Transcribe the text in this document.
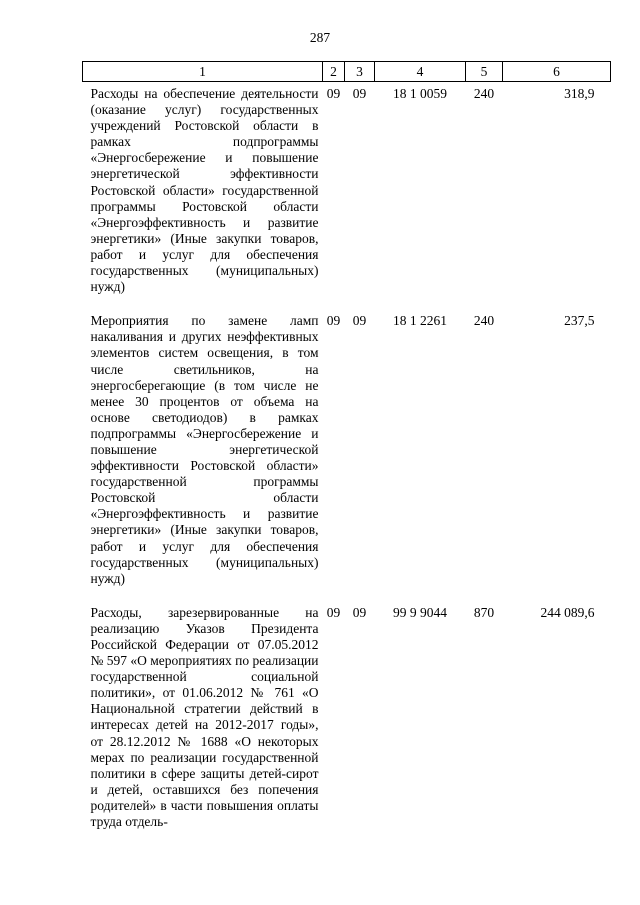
287
1	2	3	4	5	6
Расходы на обеспечение деятельности (оказание услуг) государственных учреждений Ростовской области в рамках подпрограммы «Энергосбережение и повышение энергетической эффективности Ростовской области» государственной программы Ростовской области «Энергоэффективность и развитие энергетики» (Иные закупки товаров, работ и услуг для обеспечения государственных (муниципальных) нужд)	09	09	18 1 0059	240	318,9
Мероприятия по замене ламп накаливания и других неэффективных элементов систем освещения, в том числе светильников, на энергосберегающие (в том числе не менее 30 процентов от объема на основе светодиодов) в рамках подпрограммы «Энергосбережение и повышение энергетической эффективности Ростовской области» государственной программы Ростовской области «Энергоэффективность и развитие энергетики» (Иные закупки товаров, работ и услуг для обеспечения государственных (муниципальных) нужд)	09	09	18 1 2261	240	237,5
Расходы, зарезервированные на реализацию Указов Президента Российской Федерации от 07.05.2012 № 597 «О мероприятиях по реализации государственной социальной политики», от 01.06.2012 № 761 «О Национальной стратегии действий в интересах детей на 2012-2017 годы», от 28.12.2012 № 1688 «О некоторых мерах по реализации государственной политики в сфере защиты детей-сирот и детей, оставшихся без попечения родителей» в части повышения оплаты труда отдель-	09	09	99 9 9044	870	244 089,6
